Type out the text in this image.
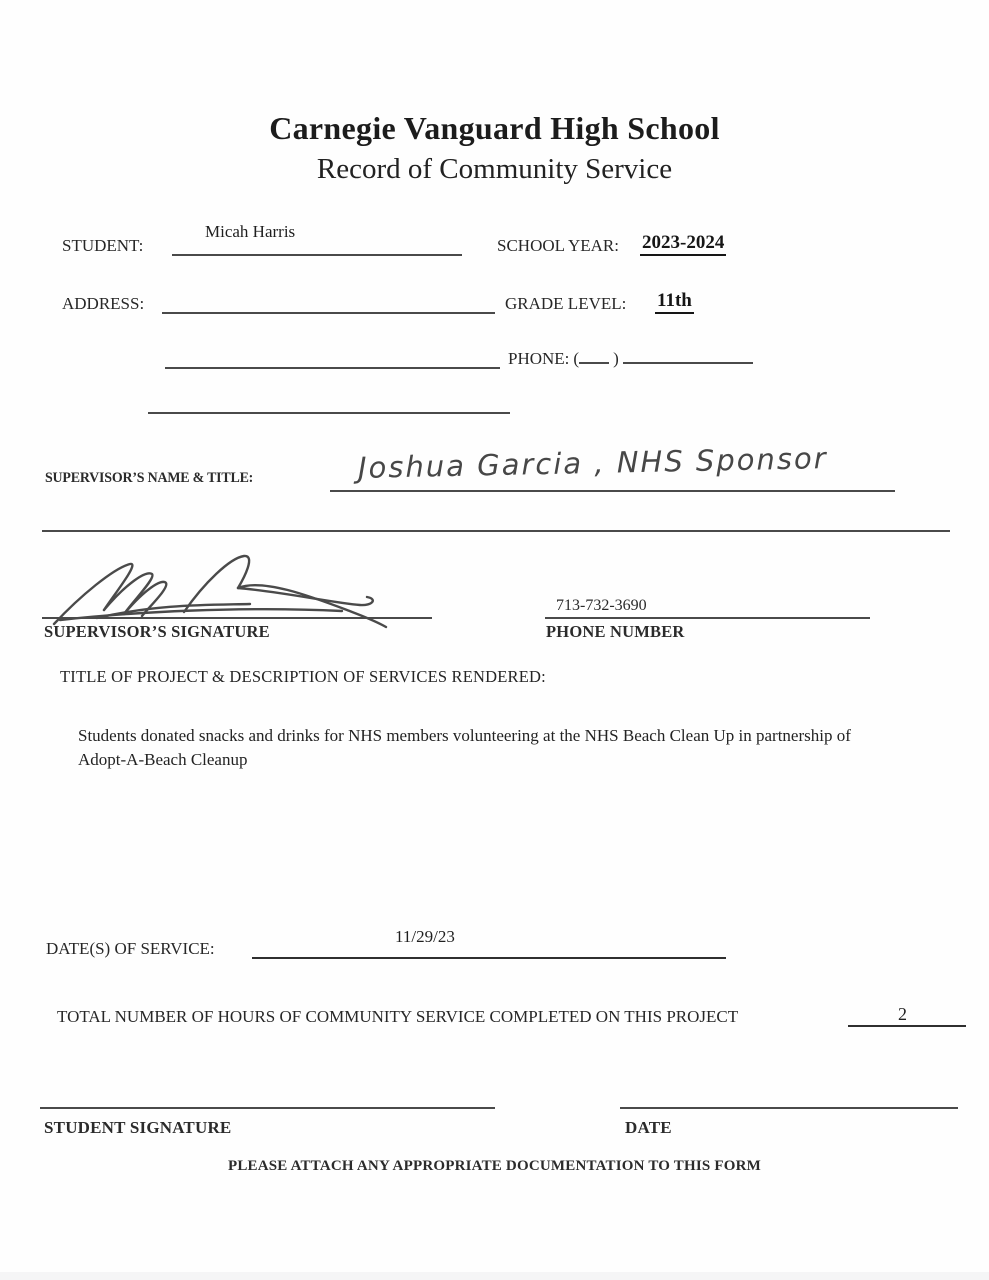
Carnegie Vanguard High School
Record of Community Service
STUDENT:
Micah Harris
SCHOOL YEAR: 2023-2024
ADDRESS:	GRADE LEVEL: 11th
PHONE: ( )
SUPERVISOR’S NAME & TITLE:	Joshua Garcia , NHS Sponsor
SUPERVISOR’S SIGNATURE
713-732-3690
PHONE NUMBER
TITLE OF PROJECT & DESCRIPTION OF SERVICES RENDERED:
Students donated snacks and drinks for NHS members volunteering at the NHS Beach Clean Up in partnership of Adopt-A-Beach Cleanup
DATE(S) OF SERVICE:
11/29/23
TOTAL NUMBER OF HOURS OF COMMUNITY SERVICE COMPLETED ON THIS PROJECT	2
STUDENT SIGNATURE	DATE
PLEASE ATTACH ANY APPROPRIATE DOCUMENTATION TO THIS FORM
